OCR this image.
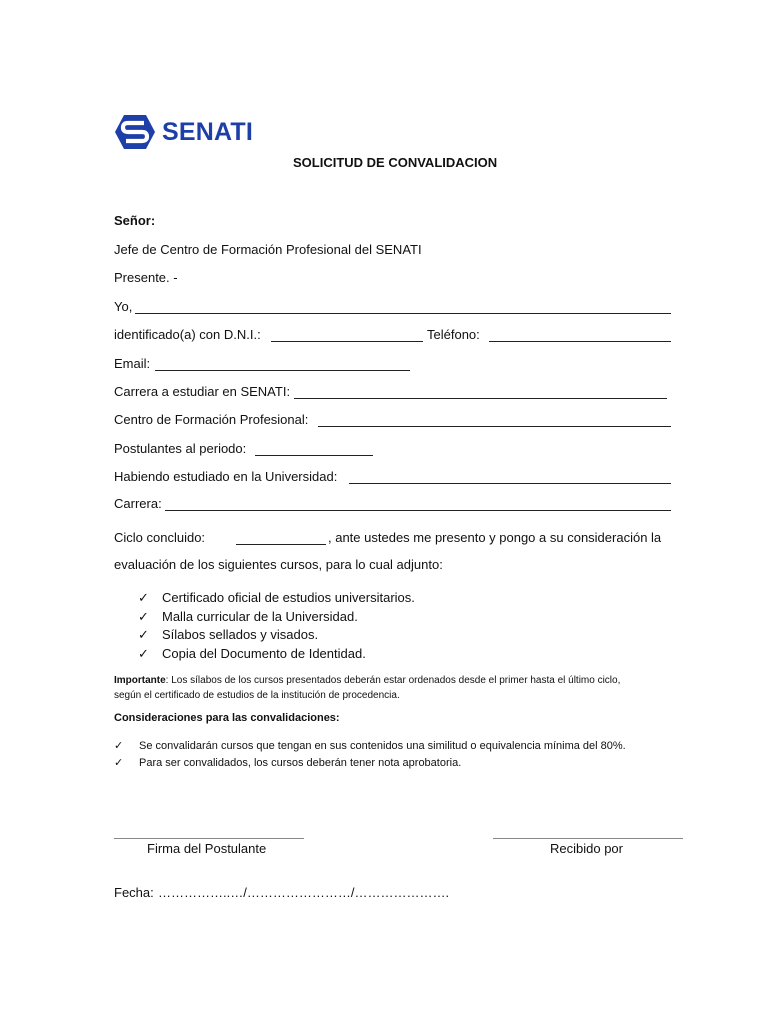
SENATI
SOLICITUD DE CONVALIDACION
Señor:
Jefe de Centro de Formación Profesional del SENATI
Presente. -
Yo,
identificado(a) con D.N.I.:	Teléfono:
Email:
Carrera a estudiar en SENATI:
Centro de Formación Profesional:
Postulantes al periodo:
Habiendo estudiado en la Universidad:
Carrera:
Ciclo concluido:	, ante ustedes me presento y pongo a su consideración la
evaluación de los siguientes cursos, para lo cual adjunto:
✓	Certificado oficial de estudios universitarios.
✓	Malla curricular de la Universidad.
✓	Sílabos sellados y visados.
✓	Copia del Documento de Identidad.
Importante: Los sílabos de los cursos presentados deberán estar ordenados desde el primer hasta el último ciclo,
según el certificado de estudios de la institución de procedencia.
Consideraciones para las convalidaciones:
✓	Se convalidarán cursos que tengan en sus contenidos una similitud o equivalencia mínima del 80%.
✓	Para ser convalidados, los cursos deberán tener nota aprobatoria.
Firma del Postulante	Recibido por
Fecha: ……………..…/……………………/………………….
